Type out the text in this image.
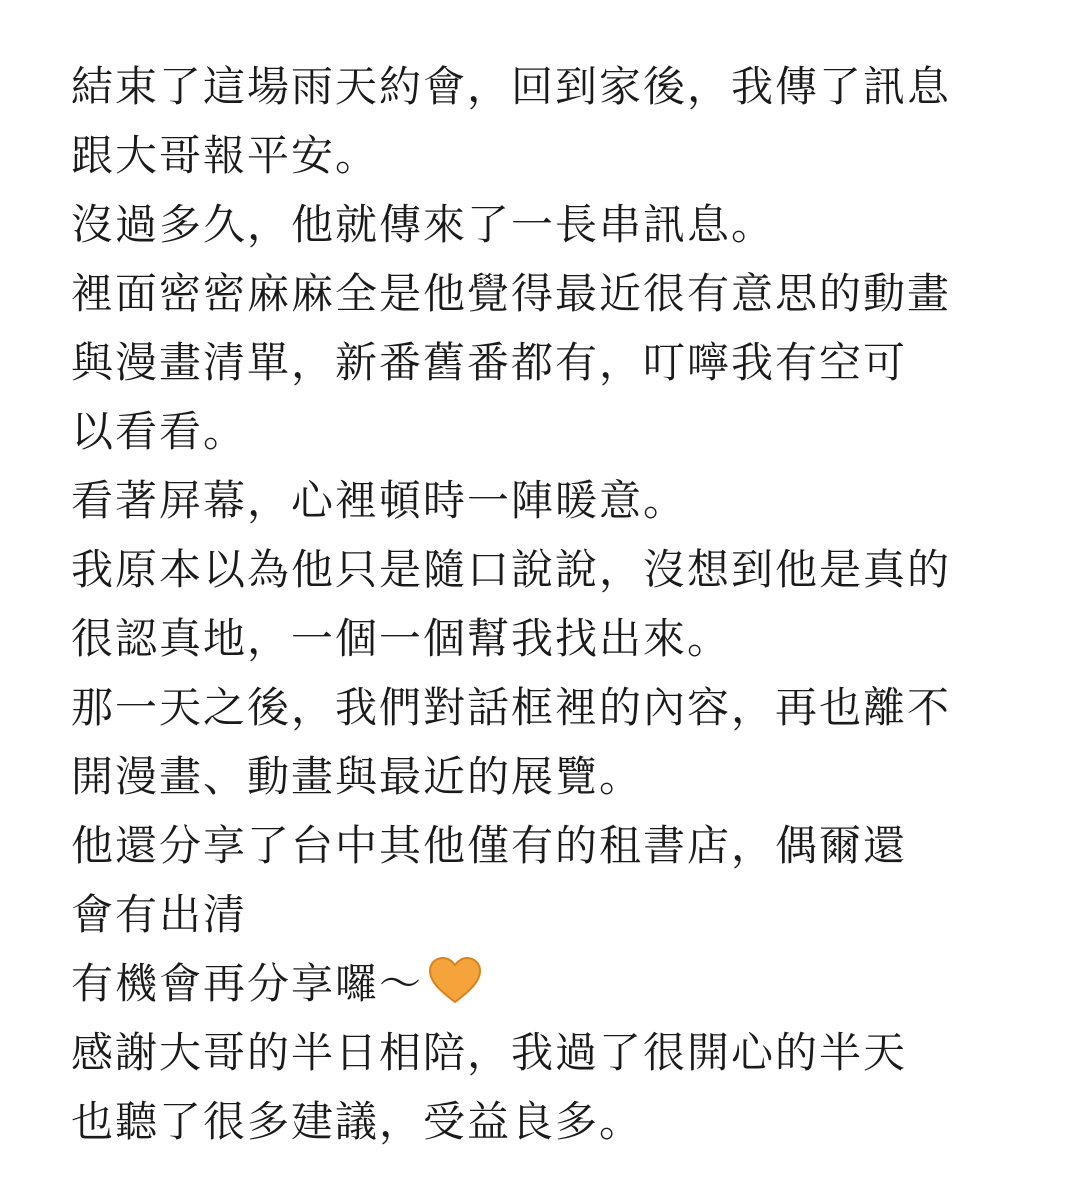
結束了這場雨天約會，回到家後，我傳了訊息
跟大哥報平安。
沒過多久，他就傳來了一長串訊息。
裡面密密麻麻全是他覺得最近很有意思的動畫
與漫畫清單，新番舊番都有，叮嚀我有空可
以看看。
看著屏幕，心裡頓時一陣暖意。
我原本以為他只是隨口說說，沒想到他是真的
很認真地，一個一個幫我找出來。
那一天之後，我們對話框裡的內容，再也離不
開漫畫、動畫與最近的展覽。
他還分享了台中其他僅有的租書店，偶爾還
會有出清
有機會再分享囉～
感謝大哥的半日相陪，我過了很開心的半天
也聽了很多建議，受益良多。
